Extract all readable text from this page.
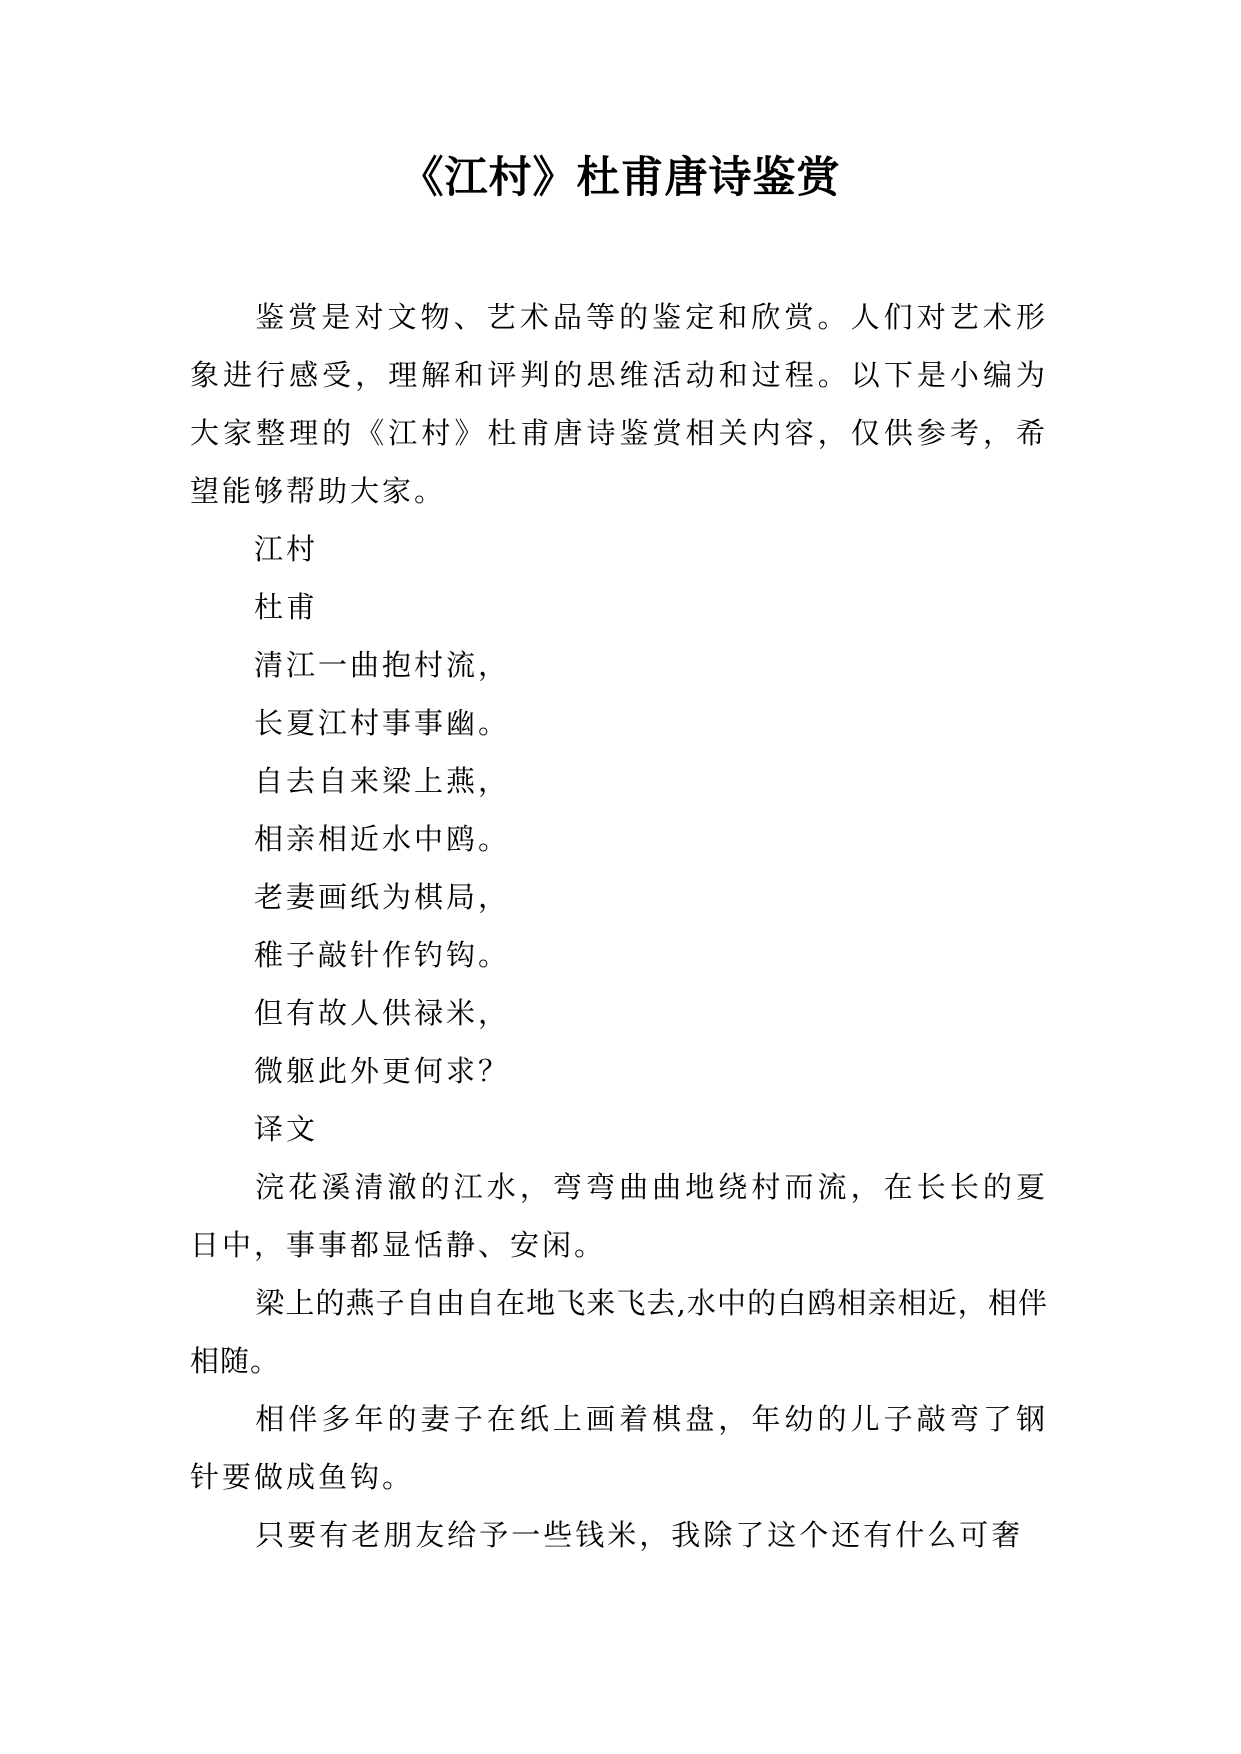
《江村》杜甫唐诗鉴赏

鉴赏是对文物、艺术品等的鉴定和欣赏。人们对艺术形象进行感受，理解和评判的思维活动和过程。以下是小编为大家整理的《江村》杜甫唐诗鉴赏相关内容，仅供参考，希望能够帮助大家。

江村

杜甫

清江一曲抱村流，

长夏江村事事幽。

自去自来梁上燕，

相亲相近水中鸥。

老妻画纸为棋局，

稚子敲针作钓钩。

但有故人供禄米，

微躯此外更何求？

译文

浣花溪清澈的江水，弯弯曲曲地绕村而流，在长长的夏日中，事事都显恬静、安闲。

梁上的燕子自由自在地飞来飞去,水中的白鸥相亲相近，相伴相随。

相伴多年的妻子在纸上画着棋盘，年幼的儿子敲弯了钢针要做成鱼钩。

只要有老朋友给予一些钱米，我除了这个还有什么可奢
